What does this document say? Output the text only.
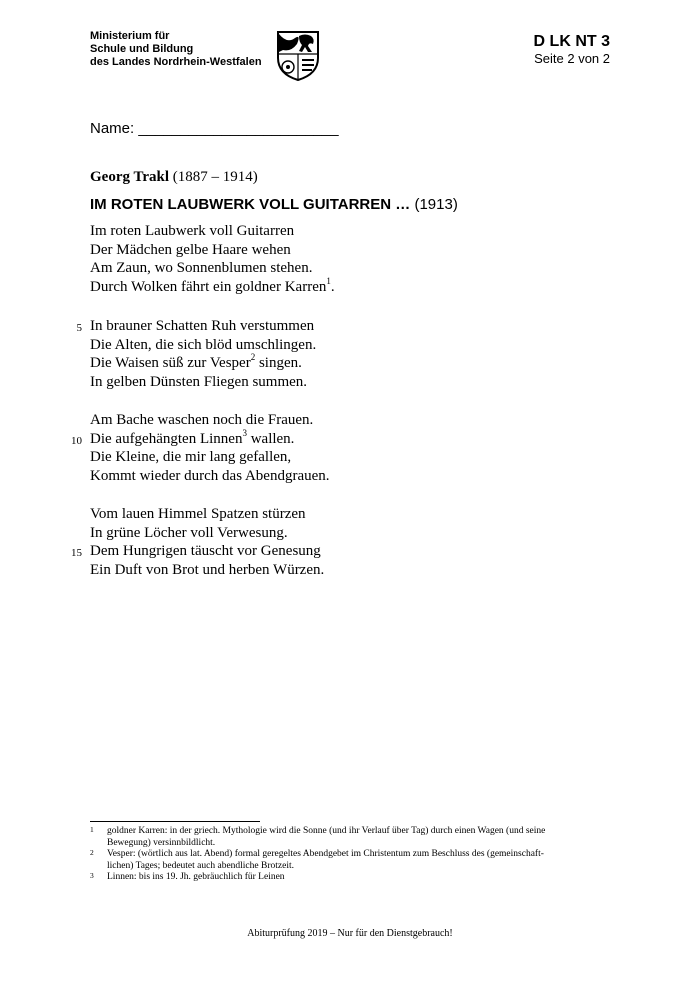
Ministerium für
Schule und Bildung
des Landes Nordrhein-Westfalen
D LK NT 3
Seite 2 von 2
Name: ________________________
Georg Trakl (1887 – 1914)
IM ROTEN LAUBWERK VOLL GUITARREN … (1913)
Im roten Laubwerk voll Guitarren
Der Mädchen gelbe Haare wehen
Am Zaun, wo Sonnenblumen stehen.
Durch Wolken fährt ein goldner Karren$^1$.
5 In brauner Schatten Ruh verstummen
Die Alten, die sich blöd umschlingen.
Die Waisen süß zur Vesper$^2$ singen.
In gelben Dünsten Fliegen summen.
Am Bache waschen noch die Frauen.
10 Die aufgehängten Linnen$^3$ wallen.
Die Kleine, die mir lang gefallen,
Kommt wieder durch das Abendgrauen.
Vom lauen Himmel Spatzen stürzen
In grüne Löcher voll Verwesung.
15 Dem Hungrigen täuscht vor Genesung
Ein Duft von Brot und herben Würzen.
1 goldner Karren: in der griech. Mythologie wird die Sonne (und ihr Verlauf über Tag) durch einen Wagen (und seine
Bewegung) versinnbildlicht.
2 Vesper: (wörtlich aus lat. Abend) formal geregeltes Abendgebet im Christentum zum Beschluss des (gemeinschaft-
lichen) Tages; bedeutet auch abendliche Brotzeit.
3 Linnen: bis ins 19. Jh. gebräuchlich für Leinen
Abiturprüfung 2019 – Nur für den Dienstgebrauch!
